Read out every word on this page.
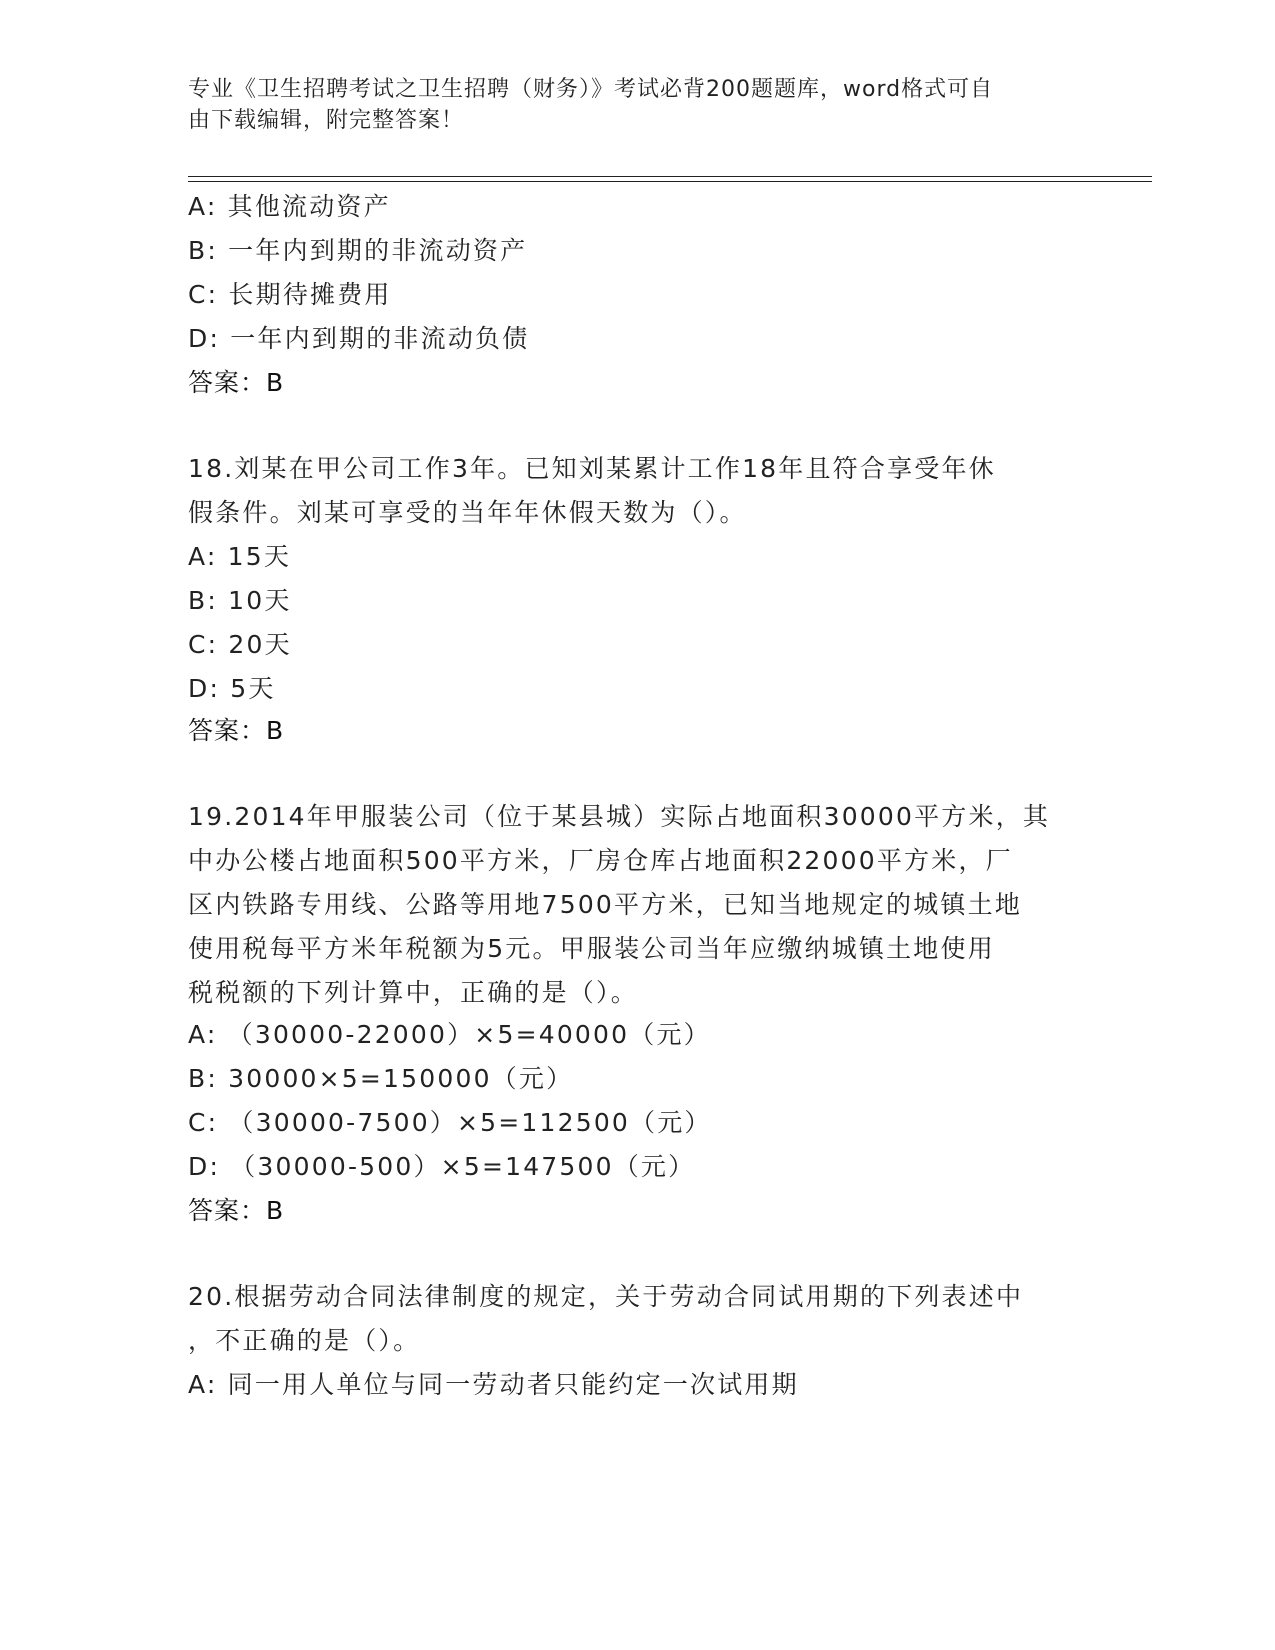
专业《卫生招聘考试之卫生招聘（财务）》考试必背200题题库，word格式可自
由下载编辑，附完整答案！
A: 其他流动资产
B: 一年内到期的非流动资产
C: 长期待摊费用
D: 一年内到期的非流动负债
答案：B
18.刘某在甲公司工作3年。已知刘某累计工作18年且符合享受年休
假条件。刘某可享受的当年年休假天数为（）。
A: 15天
B: 10天
C: 20天
D: 5天
答案：B
19.2014年甲服装公司（位于某县城）实际占地面积30000平方米，其
中办公楼占地面积500平方米，厂房仓库占地面积22000平方米，厂
区内铁路专用线、公路等用地7500平方米，已知当地规定的城镇土地
使用税每平方米年税额为5元。甲服装公司当年应缴纳城镇土地使用
税税额的下列计算中，正确的是（）。
A: （30000-22000）×5=40000（元）
B: 30000×5=150000（元）
C: （30000-7500）×5=112500（元）
D: （30000-500）×5=147500（元）
答案：B
20.根据劳动合同法律制度的规定，关于劳动合同试用期的下列表述中
，不正确的是（）。
A: 同一用人单位与同一劳动者只能约定一次试用期
